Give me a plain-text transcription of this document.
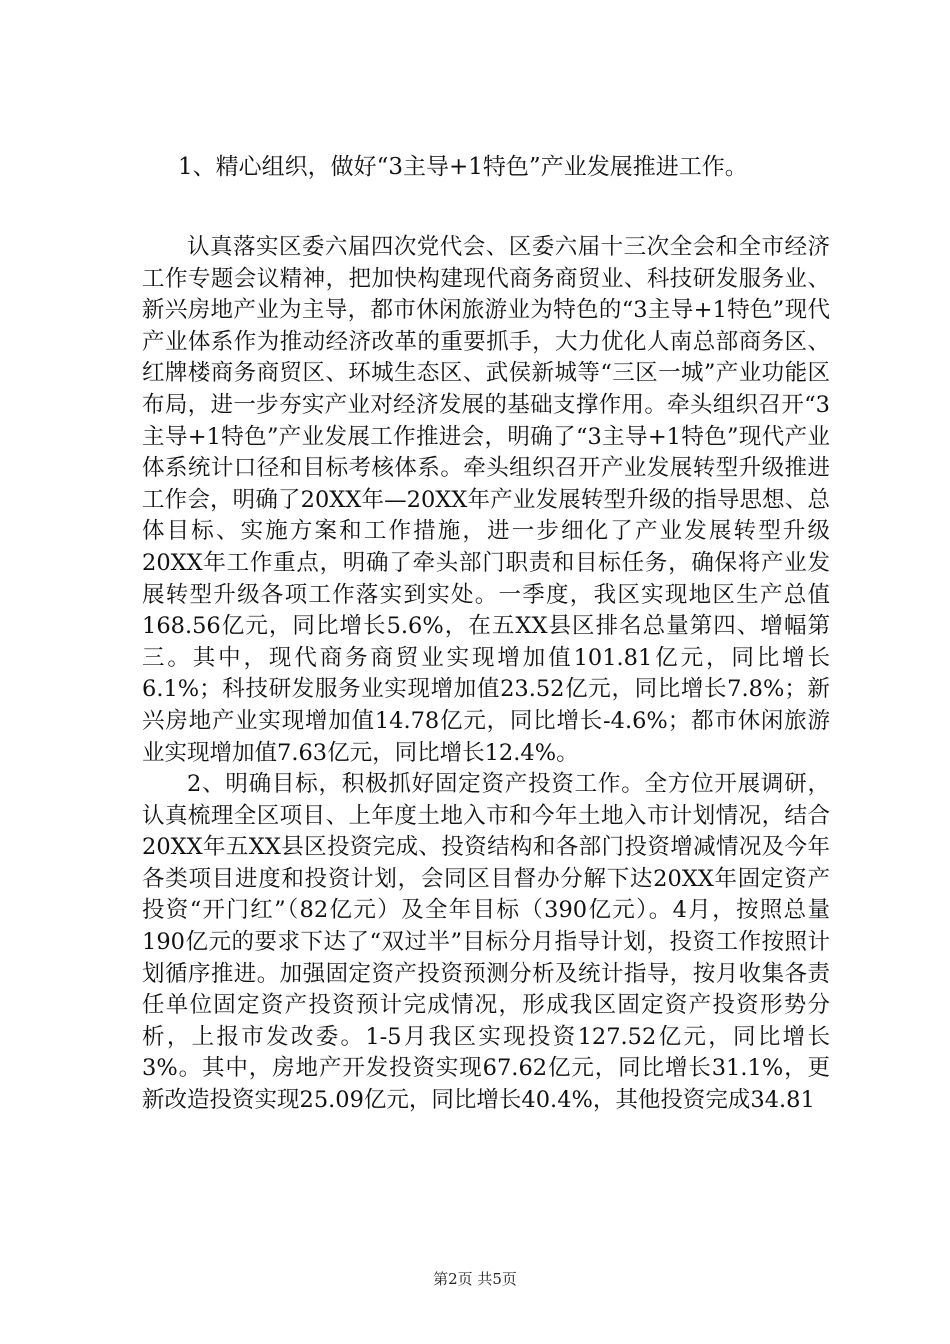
1、精心组织，做好“3主导+1特色”产业发展推进工作。

认真落实区委六届四次党代会、区委六届十三次全会和全市经济工作专题会议精神，把加快构建现代商务商贸业、科技研发服务业、新兴房地产业为主导，都市休闲旅游业为特色的“3主导+1特色”现代产业体系作为推动经济改革的重要抓手，大力优化人南总部商务区、红牌楼商务商贸区、环城生态区、武侯新城等“三区一城”产业功能区布局，进一步夯实产业对经济发展的基础支撑作用。牵头组织召开“3主导+1特色”产业发展工作推进会，明确了“3主导+1特色”现代产业体系统计口径和目标考核体系。牵头组织召开产业发展转型升级推进工作会，明确了20XX年—20XX年产业发展转型升级的指导思想、总体目标、实施方案和工作措施，进一步细化了产业发展转型升级20XX年工作重点，明确了牵头部门职责和目标任务，确保将产业发展转型升级各项工作落实到实处。一季度，我区实现地区生产总值168.56亿元，同比增长5.6%，在五XX县区排名总量第四、增幅第三。其中，现代商务商贸业实现增加值101.81亿元，同比增长6.1%；科技研发服务业实现增加值23.52亿元，同比增长7.8%；新兴房地产业实现增加值14.78亿元，同比增长-4.6%；都市休闲旅游业实现增加值7.63亿元，同比增长12.4%。

2、明确目标，积极抓好固定资产投资工作。全方位开展调研，认真梳理全区项目、上年度土地入市和今年土地入市计划情况，结合20XX年五XX县区投资完成、投资结构和各部门投资增减情况及今年各类项目进度和投资计划，会同区目督办分解下达20XX年固定资产投资“开门红”（82亿元）及全年目标（390亿元）。4月，按照总量190亿元的要求下达了“双过半”目标分月指导计划，投资工作按照计划循序推进。加强固定资产投资预测分析及统计指导，按月收集各责任单位固定资产投资预计完成情况，形成我区固定资产投资形势分析，上报市发改委。1-5月我区实现投资127.52亿元，同比增长3%。其中，房地产开发投资实现67.62亿元，同比增长31.1%，更新改造投资实现25.09亿元，同比增长40.4%，其他投资完成34.81

第2页 共5页
